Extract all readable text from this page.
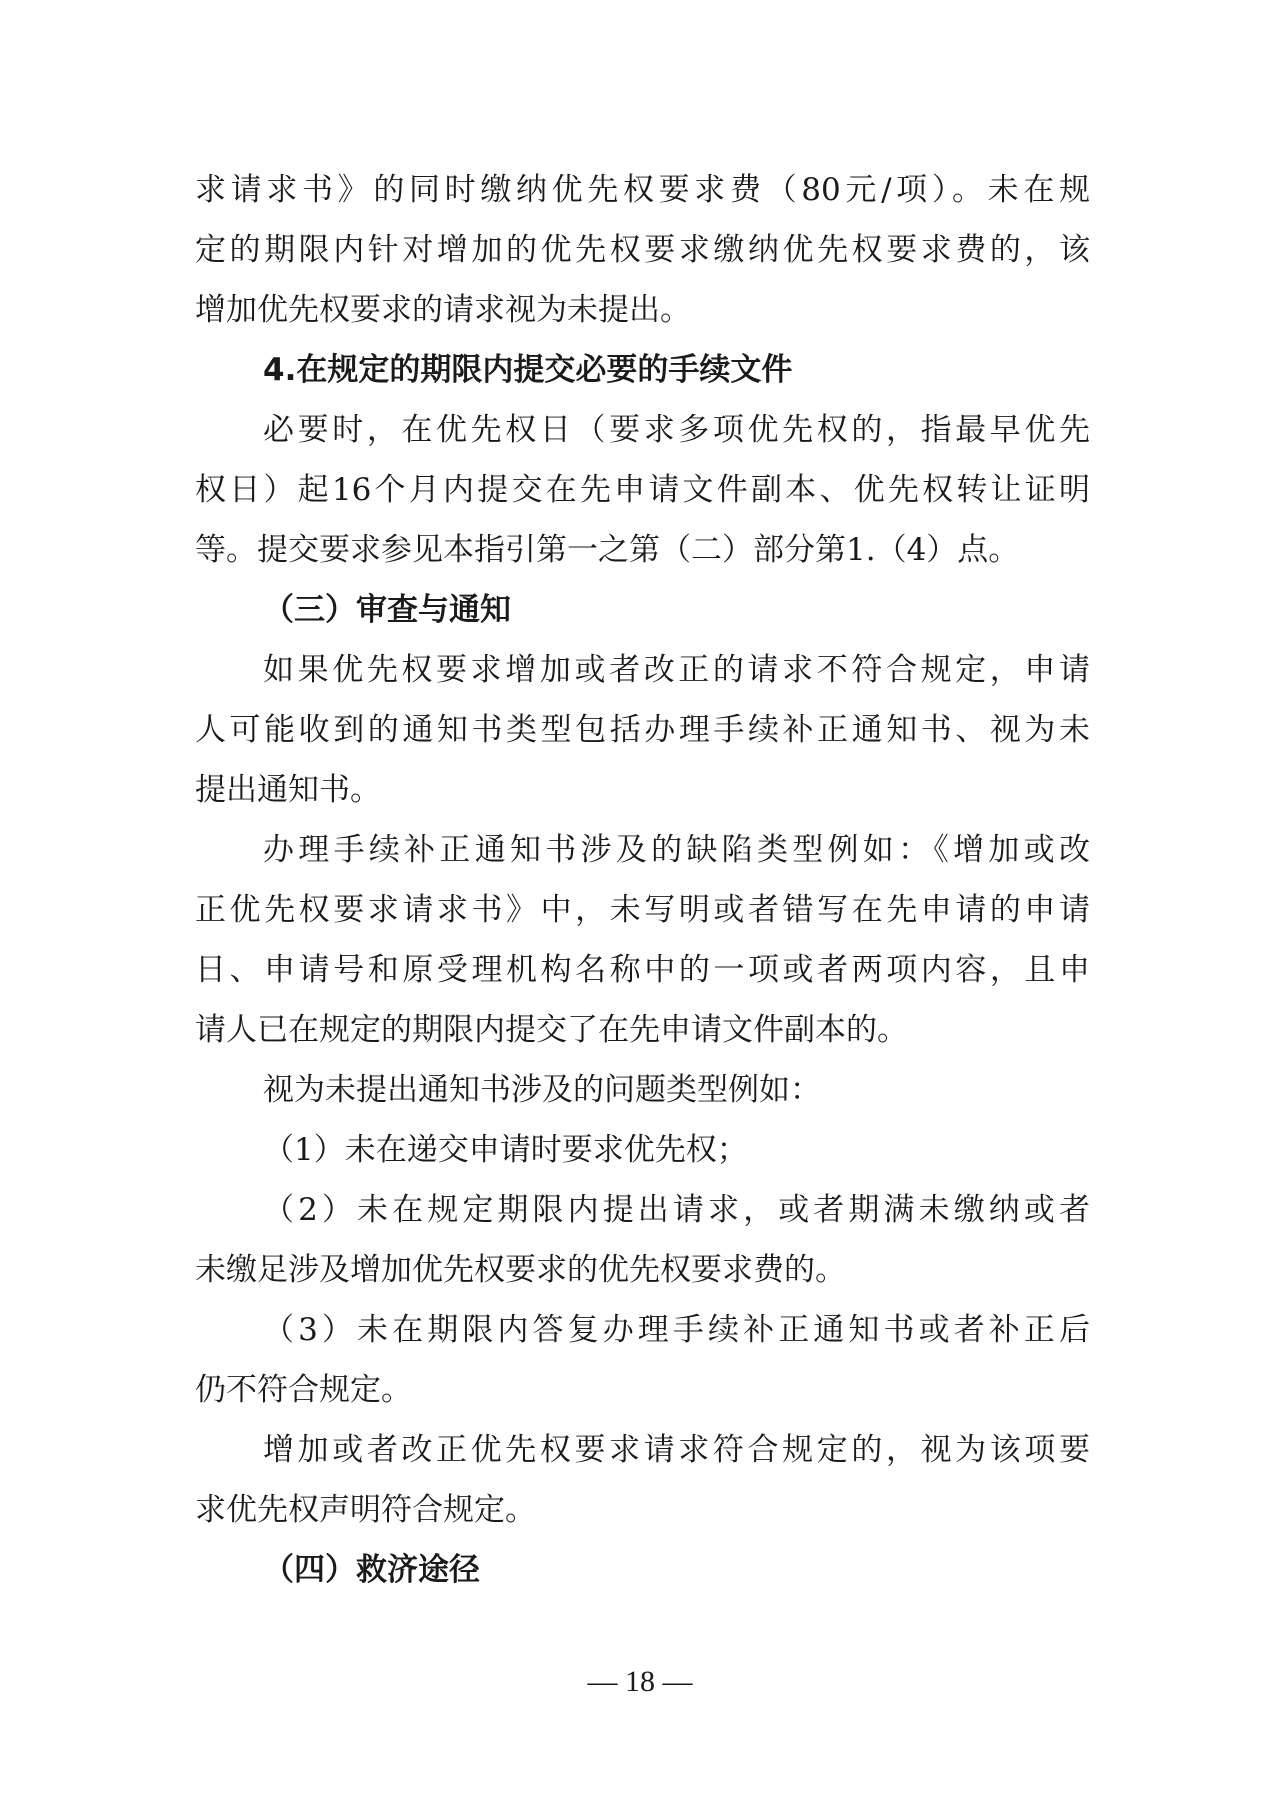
求请求书》的同时缴纳优先权要求费（80元/项）。未在规
定的期限内针对增加的优先权要求缴纳优先权要求费的，该
增加优先权要求的请求视为未提出。
4.在规定的期限内提交必要的手续文件
必要时，在优先权日（要求多项优先权的，指最早优先
权日）起16个月内提交在先申请文件副本、优先权转让证明
等。提交要求参见本指引第一之第（二）部分第1.（4）点。
（三）审查与通知
如果优先权要求增加或者改正的请求不符合规定，申请
人可能收到的通知书类型包括办理手续补正通知书、视为未
提出通知书。
办理手续补正通知书涉及的缺陷类型例如：《增加或改
正优先权要求请求书》中，未写明或者错写在先申请的申请
日、申请号和原受理机构名称中的一项或者两项内容，且申
请人已在规定的期限内提交了在先申请文件副本的。
视为未提出通知书涉及的问题类型例如：
（1）未在递交申请时要求优先权；
（2）未在规定期限内提出请求，或者期满未缴纳或者
未缴足涉及增加优先权要求的优先权要求费的。
（3）未在期限内答复办理手续补正通知书或者补正后
仍不符合规定。
增加或者改正优先权要求请求符合规定的，视为该项要
求优先权声明符合规定。
（四）救济途径
— 18 —
